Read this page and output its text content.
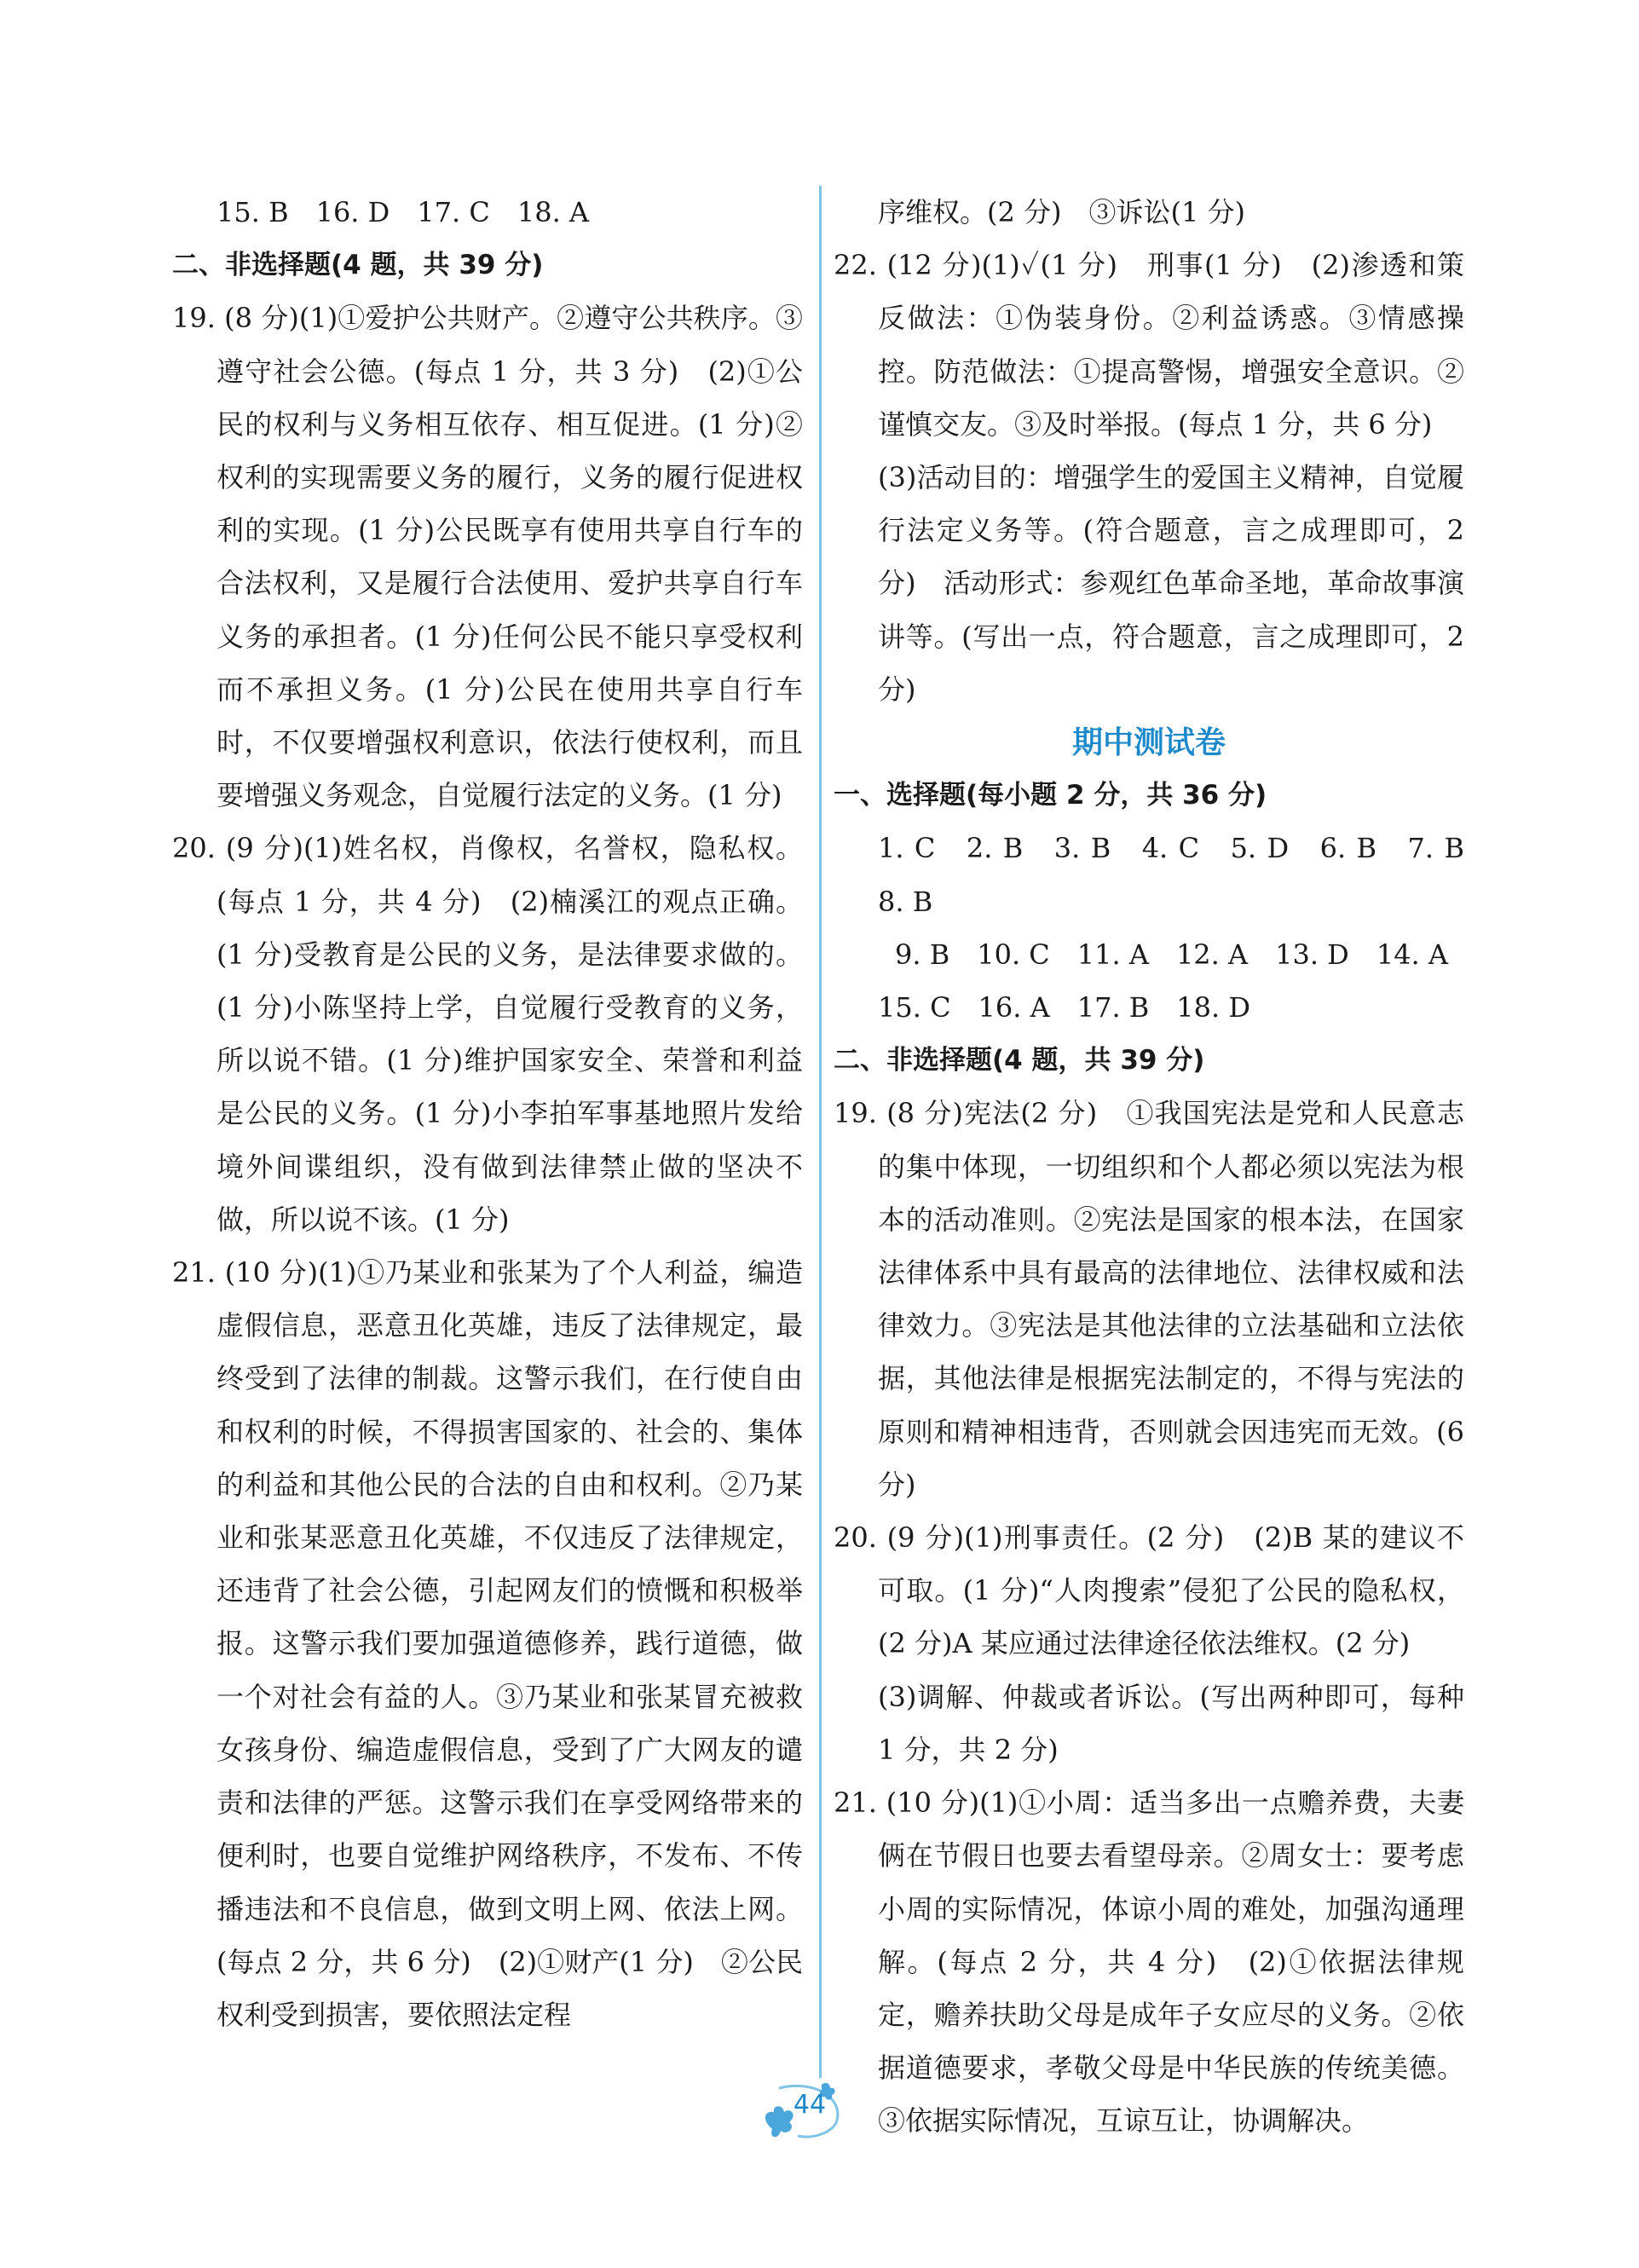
15. B　16. D　17. C　18. A

二、非选择题(4 题，共 39 分)

19. (8 分)(1)①爱护公共财产。②遵守公共秩序。③遵守社会公德。(每点 1 分，共 3 分)　(2)①公民的权利与义务相互依存、相互促进。(1 分)②权利的实现需要义务的履行，义务的履行促进权利的实现。(1 分)公民既享有使用共享自行车的合法权利，又是履行合法使用、爱护共享自行车义务的承担者。(1 分)任何公民不能只享受权利而不承担义务。(1 分)公民在使用共享自行车时，不仅要增强权利意识，依法行使权利，而且要增强义务观念，自觉履行法定的义务。(1 分)

20. (9 分)(1)姓名权，肖像权，名誉权，隐私权。(每点 1 分，共 4 分)　(2)楠溪江的观点正确。(1 分)受教育是公民的义务，是法律要求做的。(1 分)小陈坚持上学，自觉履行受教育的义务，所以说不错。(1 分)维护国家安全、荣誉和利益是公民的义务。(1 分)小李拍军事基地照片发给境外间谍组织，没有做到法律禁止做的坚决不做，所以说不该。(1 分)

21. (10 分)(1)①乃某业和张某为了个人利益，编造虚假信息，恶意丑化英雄，违反了法律规定，最终受到了法律的制裁。这警示我们，在行使自由和权利的时候，不得损害国家的、社会的、集体的利益和其他公民的合法的自由和权利。②乃某业和张某恶意丑化英雄，不仅违反了法律规定，还违背了社会公德，引起网友们的愤慨和积极举报。这警示我们要加强道德修养，践行道德，做一个对社会有益的人。③乃某业和张某冒充被救女孩身份、编造虚假信息，受到了广大网友的谴责和法律的严惩。这警示我们在享受网络带来的便利时，也要自觉维护网络秩序，不发布、不传播违法和不良信息，做到文明上网、依法上网。(每点 2 分，共 6 分)　(2)①财产(1 分)　②公民权利受到损害，要依照法定程

序维权。(2 分)　③诉讼(1 分)

22. (12 分)(1)✓(1 分)　刑事(1 分)　(2)渗透和策反做法：①伪装身份。②利益诱惑。③情感操控。防范做法：①提高警惕，增强安全意识。②谨慎交友。③及时举报。(每点 1 分，共 6 分)

(3)活动目的：增强学生的爱国主义精神，自觉履行法定义务等。(符合题意，言之成理即可，2 分)　活动形式：参观红色革命圣地，革命故事演讲等。(写出一点，符合题意，言之成理即可，2 分)

期中测试卷

一、选择题(每小题 2 分，共 36 分)

1. C　2. B　3. B　4. C　5. D　6. B　7. B　8. B

9. B　10. C　11. A　12. A　13. D　14. A

15. C　16. A　17. B　18. D

二、非选择题(4 题，共 39 分)

19. (8 分)宪法(2 分)　①我国宪法是党和人民意志的集中体现，一切组织和个人都必须以宪法为根本的活动准则。②宪法是国家的根本法，在国家法律体系中具有最高的法律地位、法律权威和法律效力。③宪法是其他法律的立法基础和立法依据，其他法律是根据宪法制定的，不得与宪法的原则和精神相违背，否则就会因违宪而无效。(6 分)

20. (9 分)(1)刑事责任。(2 分)　(2)B 某的建议不可取。(1 分)“人肉搜索”侵犯了公民的隐私权，(2 分)A 某应通过法律途径依法维权。(2 分)

(3)调解、仲裁或者诉讼。(写出两种即可，每种 1 分，共 2 分)

21. (10 分)(1)①小周：适当多出一点赡养费，夫妻俩在节假日也要去看望母亲。②周女士：要考虑小周的实际情况，体谅小周的难处，加强沟通理解。(每点 2 分，共 4 分)　(2)①依据法律规定，赡养扶助父母是成年子女应尽的义务。②依据道德要求，孝敬父母是中华民族的传统美德。③依据实际情况，互谅互让，协调解决。

44
